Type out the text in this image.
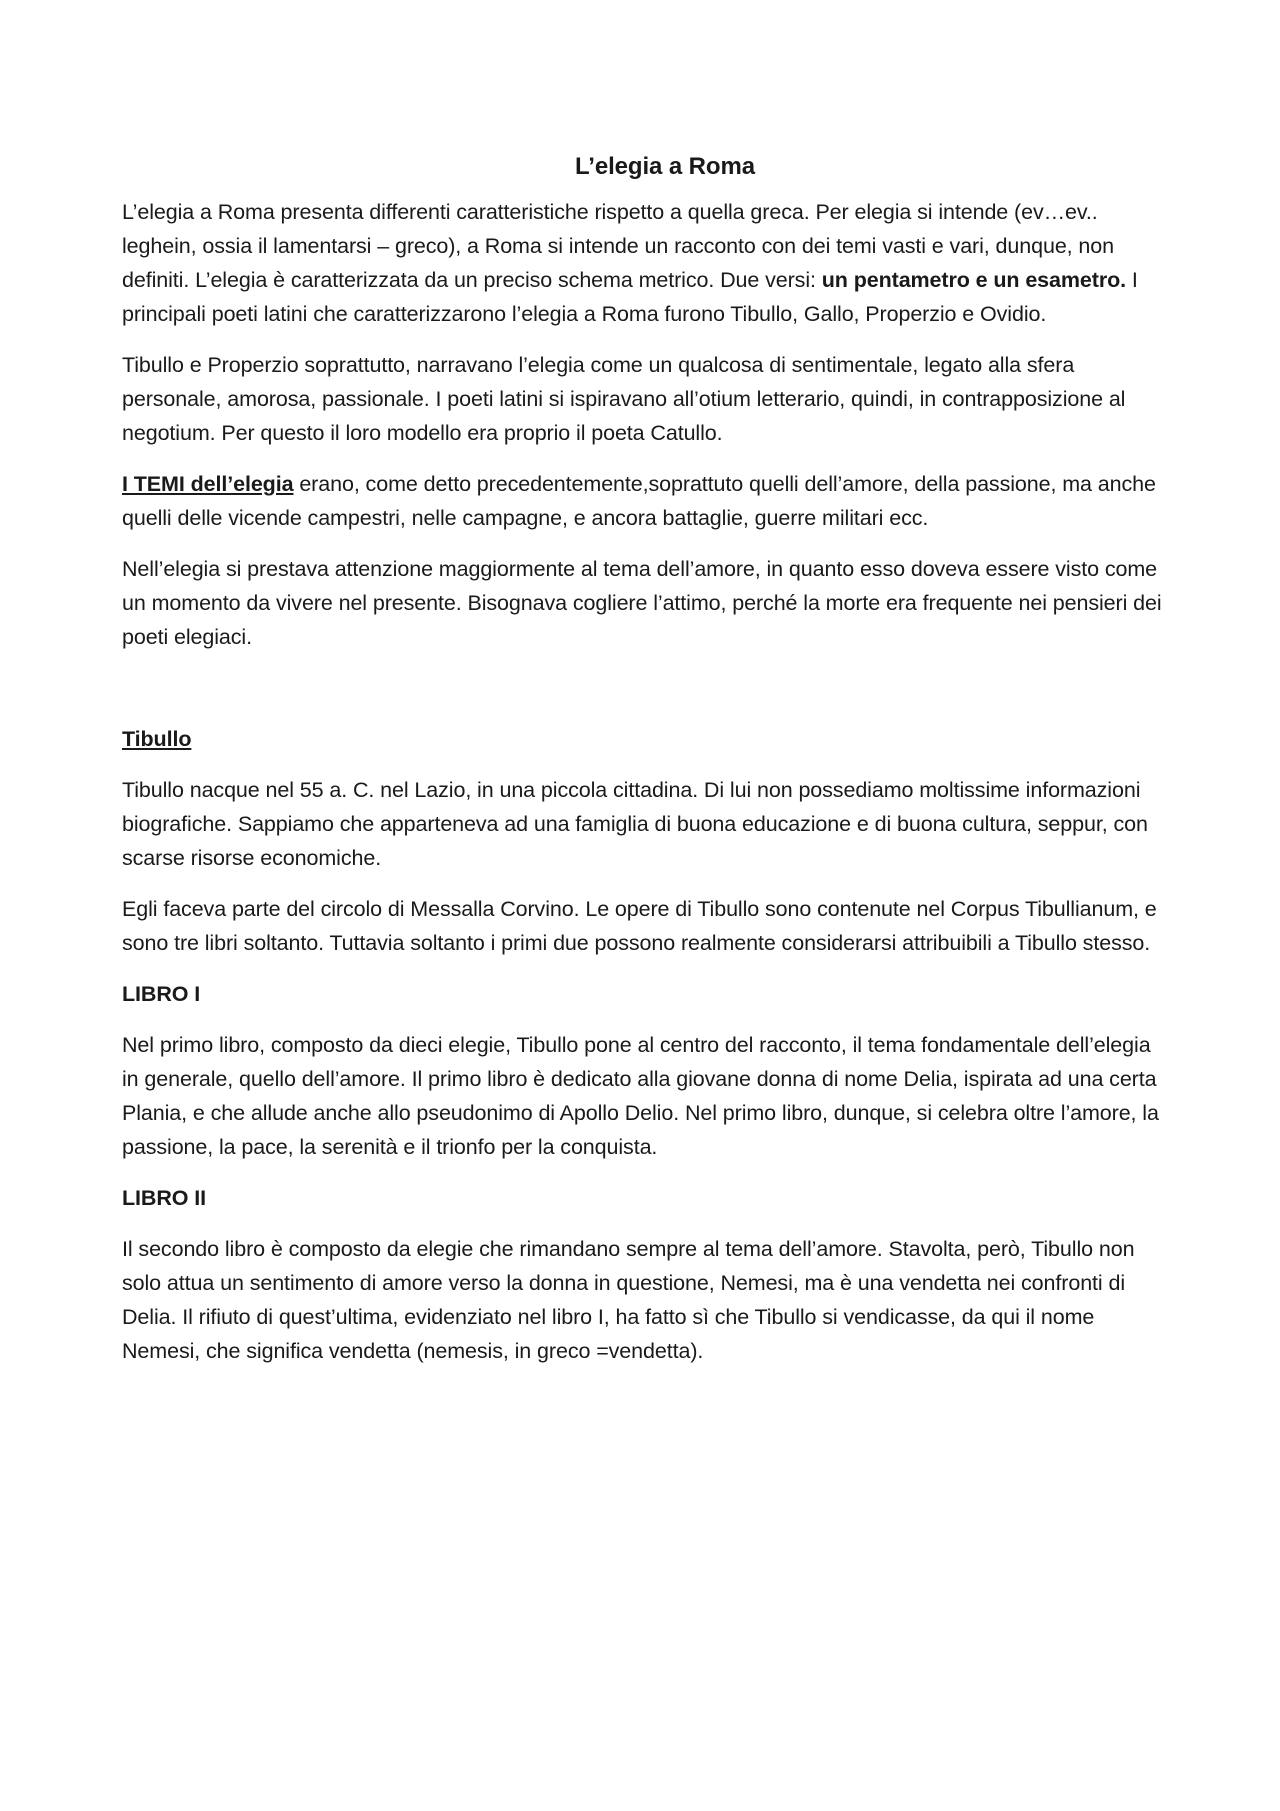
L’elegia a Roma

L’elegia a Roma presenta differenti caratteristiche rispetto a quella greca. Per elegia si intende (ev…ev.. leghein, ossia il lamentarsi – greco), a Roma si intende un racconto con dei temi vasti e vari, dunque, non definiti. L’elegia è caratterizzata da un preciso schema metrico. Due versi: un pentametro e un esametro. I principali poeti latini che caratterizzarono l’elegia a Roma furono Tibullo, Gallo, Properzio e Ovidio.

Tibullo e Properzio soprattutto, narravano l’elegia come un qualcosa di sentimentale, legato alla sfera personale, amorosa, passionale. I poeti latini si ispiravano all’otium letterario, quindi, in contrapposizione al negotium. Per questo il loro modello era proprio il poeta Catullo.

I TEMI dell’elegia erano, come detto precedentemente,soprattuto quelli dell’amore, della passione, ma anche quelli delle vicende campestri, nelle campagne, e ancora battaglie, guerre militari ecc.

Nell’elegia si prestava attenzione maggiormente al tema dell’amore, in quanto esso doveva essere visto come un momento da vivere nel presente. Bisognava cogliere l’attimo, perché la morte era frequente nei pensieri dei poeti elegiaci.

Tibullo

Tibullo nacque nel 55 a. C. nel Lazio, in una piccola cittadina. Di lui non possediamo moltissime informazioni biografiche. Sappiamo che apparteneva ad una famiglia di buona educazione e di buona cultura, seppur, con scarse risorse economiche.

Egli faceva parte del circolo di Messalla Corvino. Le opere di Tibullo sono contenute nel Corpus Tibullianum, e sono tre libri soltanto. Tuttavia soltanto i primi due possono realmente considerarsi attribuibili a Tibullo stesso.

LIBRO I

Nel primo libro, composto da dieci elegie, Tibullo pone al centro del racconto, il tema fondamentale dell’elegia in generale, quello dell’amore. Il primo libro è dedicato alla giovane donna di nome Delia, ispirata ad una certa Plania, e che allude anche allo pseudonimo di Apollo Delio. Nel primo libro, dunque, si celebra oltre l’amore, la passione, la pace, la serenità e il trionfo per la conquista.

LIBRO II

Il secondo libro è composto da elegie che rimandano sempre al tema dell’amore. Stavolta, però, Tibullo non solo attua un sentimento di amore verso la donna in questione, Nemesi, ma è una vendetta nei confronti di Delia. Il rifiuto di quest’ultima, evidenziato nel libro I, ha fatto sì che Tibullo si vendicasse, da qui il nome Nemesi, che significa vendetta (nemesis, in greco =vendetta).
